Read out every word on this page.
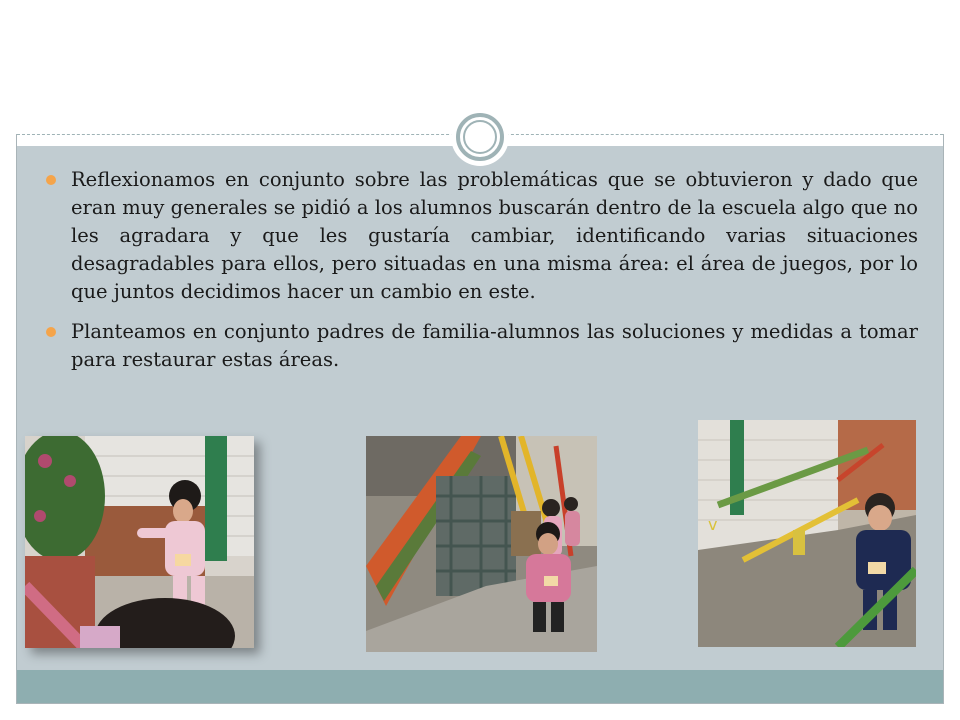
Reflexionamos en conjunto sobre las problemáticas que se obtuvieron y dado que eran muy generales se pidió a los alumnos buscarán dentro de la escuela algo que no les agradara y que les gustaría cambiar, identificando varias situaciones desagradables para ellos, pero situadas en una misma área: el área de juegos, por lo que juntos decidimos hacer un cambio en este.
Planteamos en conjunto padres de familia-alumnos las soluciones y medidas a tomar para restaurar estas áreas.
v
